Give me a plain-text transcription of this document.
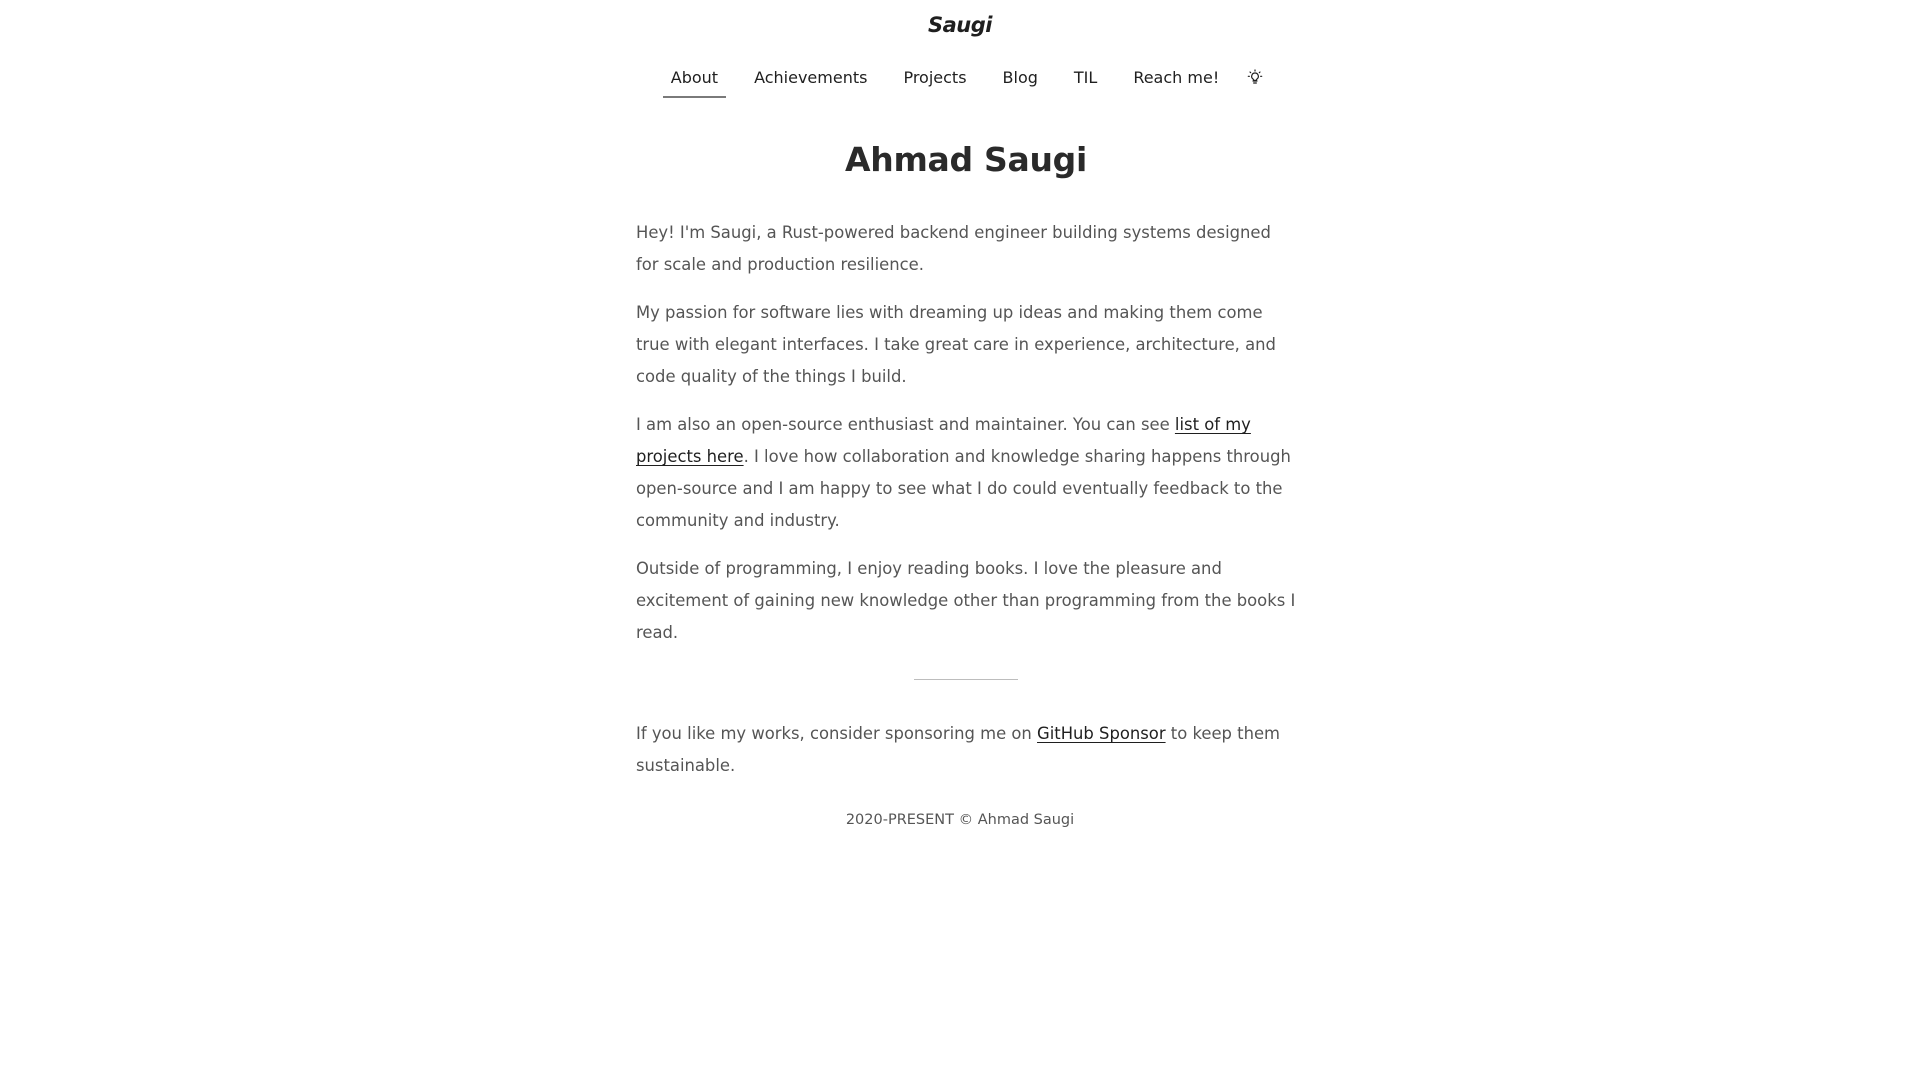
Saugi
About	Achievements	Projects	Blog	TIL	Reach me!
Ahmad Saugi

Hey! I'm Saugi, a Rust-powered backend engineer building systems designed for scale and production resilience.

My passion for software lies with dreaming up ideas and making them come true with elegant interfaces. I take great care in experience, architecture, and code quality of the things I build.

I am also an open-source enthusiast and maintainer. You can see list of my projects here. I love how collaboration and knowledge sharing happens through open-source and I am happy to see what I do could eventually feedback to the community and industry.

Outside of programming, I enjoy reading books. I love the pleasure and excitement of gaining new knowledge other than programming from the books I read.

If you like my works, consider sponsoring me on GitHub Sponsor to keep them sustainable.

2020-PRESENT © Ahmad Saugi
